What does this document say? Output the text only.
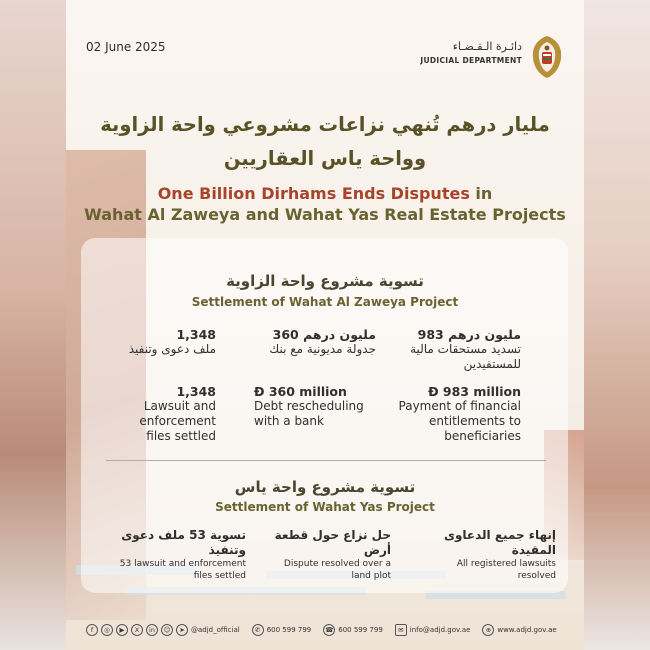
02 June 2025	دائـرة الـقـضـاء
JUDICIAL DEPARTMENT
مليار درهم تُنهي نزاعات مشروعي واحة الزاوية
وواحة ياس العقاريين
One Billion Dirhams Ends Disputes in
Wahat Al Zaweya and Wahat Yas Real Estate Projects
تسوية مشروع واحة الزاوية
Settlement of Wahat Al Zaweya Project
983 مليون درهم
تسديد مستحقات مالية للمستفيدين
360 مليون درهم
جدولة مديونية مع بنك
1,348
ملف دعوى وتنفيذ
Ð 983 million
Payment of financial entitlements to beneficiaries
Ð 360 million
Debt rescheduling with a bank
1,348
Lawsuit and enforcement files settled
تسوية مشروع واحة ياس
Settlement of Wahat Yas Project
إنهاء جميع الدعاوى المقيدة
All registered lawsuits resolved
حل نزاع حول قطعة أرض
Dispute resolved over a land plot
تسوية 53 ملف دعوى وتنفيذ
53 lawsuit and enforcement files settled
f	◎	▶	X	in	☺	➤ @adjd_official	✆ 600 599 799 ☎ 600 599 799	✉ info@adjd.gov.ae	⊕ www.adjd.gov.ae
